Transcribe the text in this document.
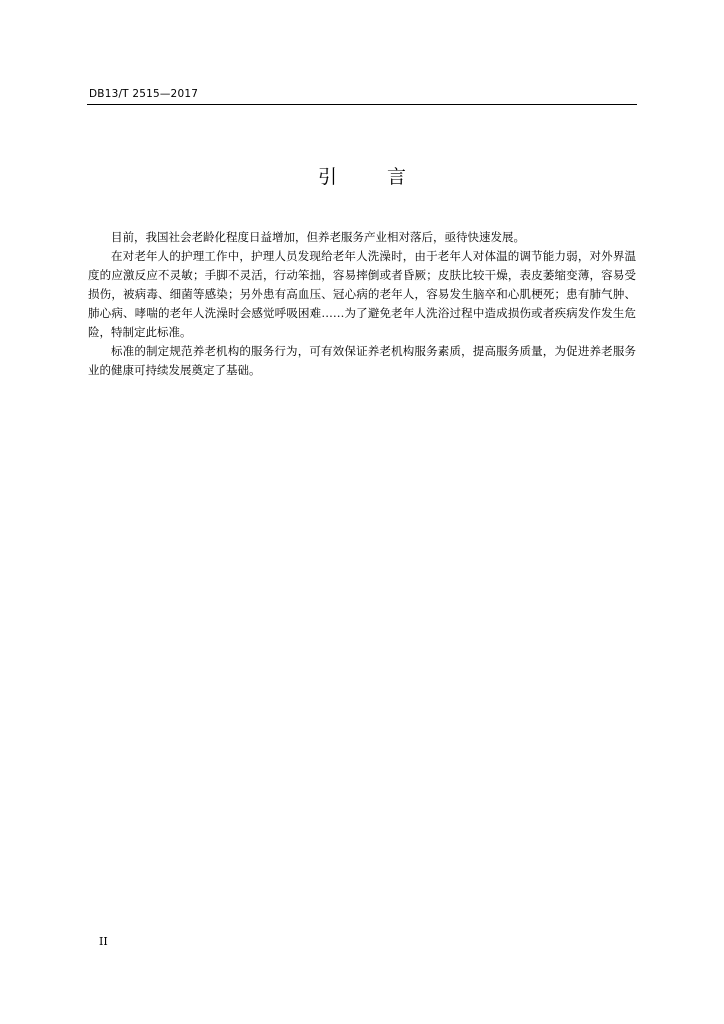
DB13/T 2515—2017
引 言

目前，我国社会老龄化程度日益增加，但养老服务产业相对落后，亟待快速发展。

在对老年人的护理工作中，护理人员发现给老年人洗澡时，由于老年人对体温的调节能力弱，对外界温度的应激反应不灵敏；手脚不灵活，行动笨拙，容易摔倒或者昏厥；皮肤比较干燥，表皮萎缩变薄，容易受损伤，被病毒、细菌等感染；另外患有高血压、冠心病的老年人，容易发生脑卒和心肌梗死；患有肺气肿、肺心病、哮喘的老年人洗澡时会感觉呼吸困难……为了避免老年人洗浴过程中造成损伤或者疾病发作发生危险，特制定此标准。

标准的制定规范养老机构的服务行为，可有效保证养老机构服务素质，提高服务质量，为促进养老服务业的健康可持续发展奠定了基础。

II
